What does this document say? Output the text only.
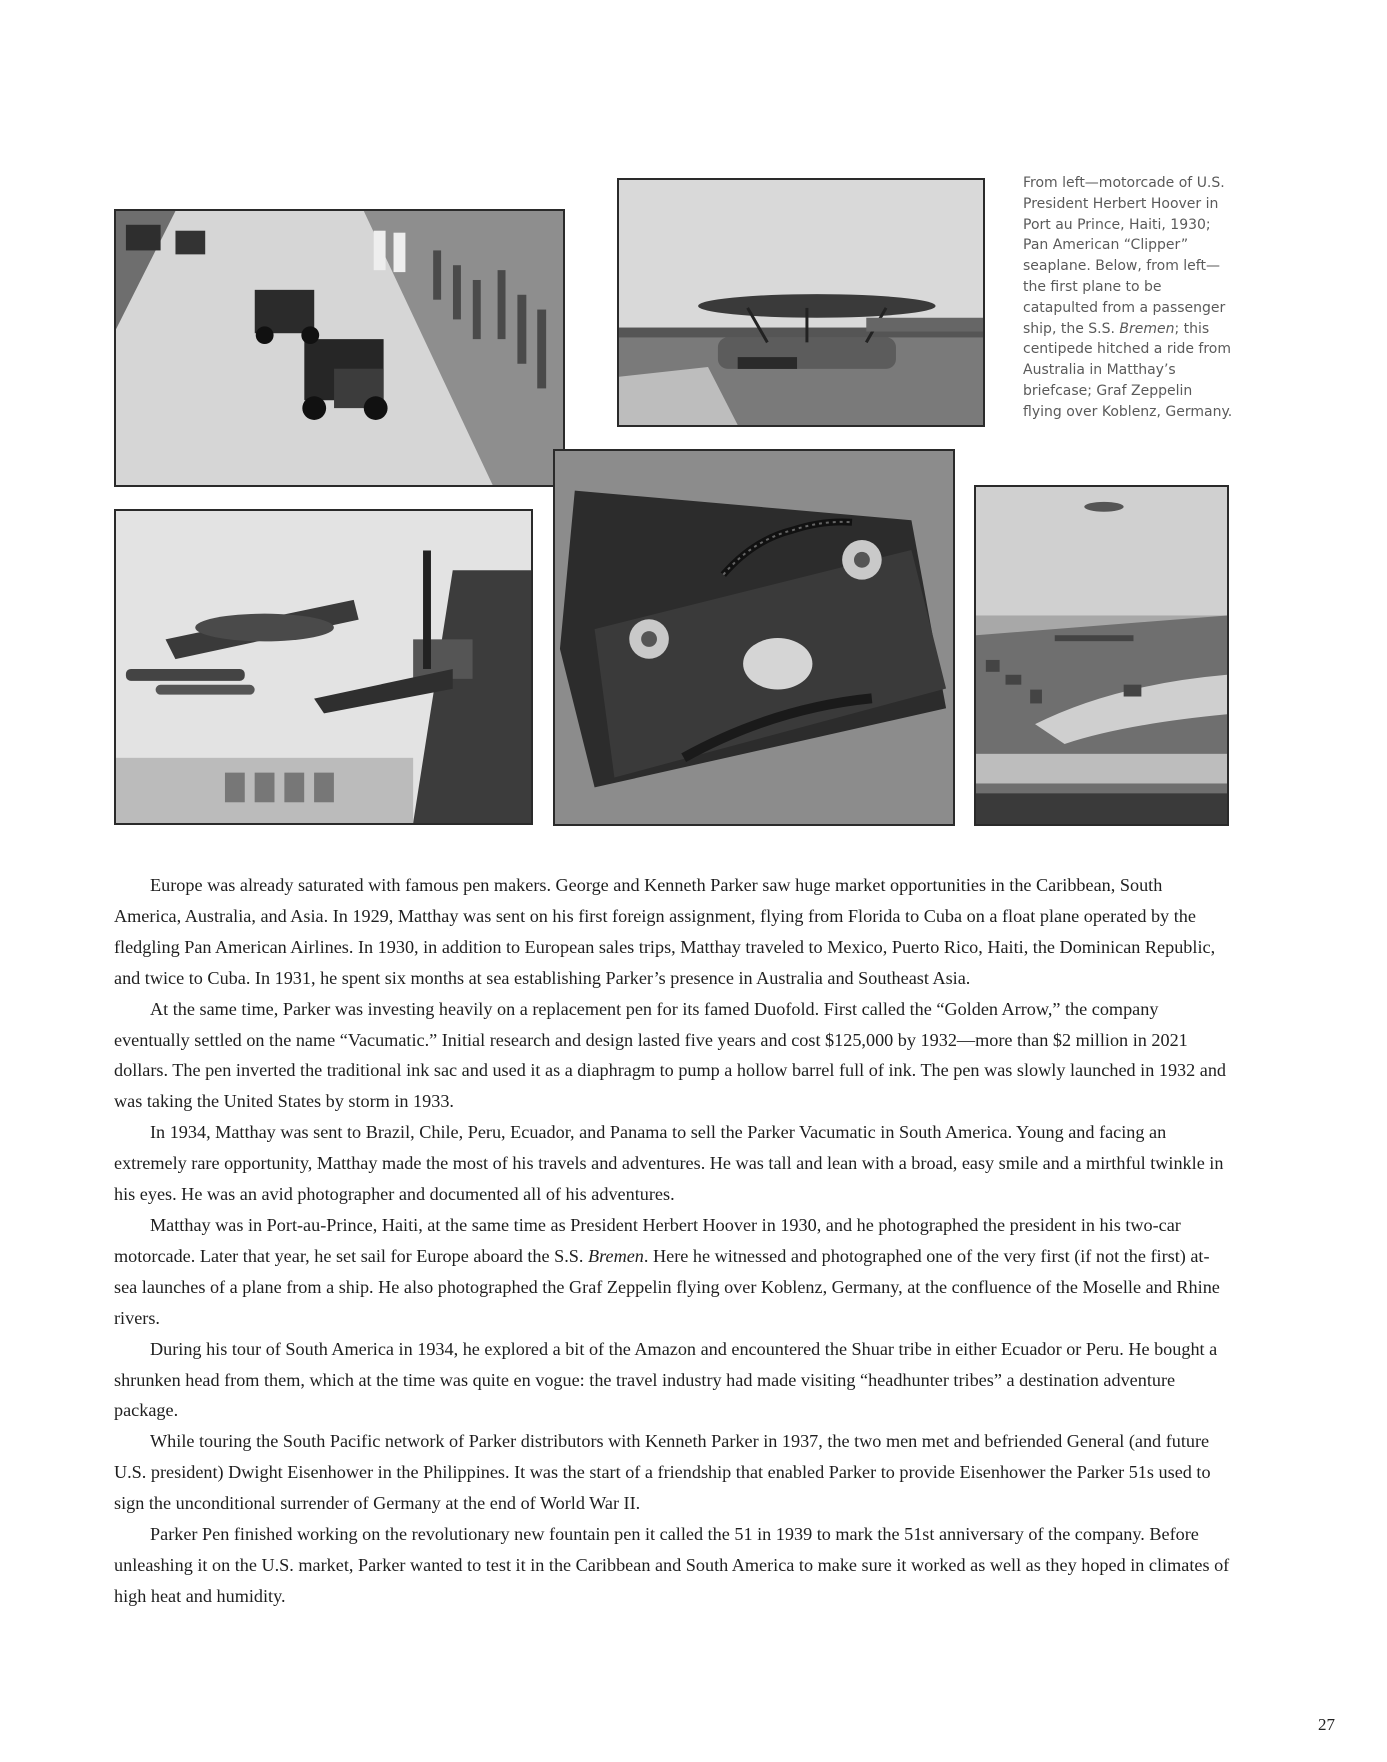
From left—motorcade of U.S. President Herbert Hoover in Port au Prince, Haiti, 1930; Pan American “Clipper” seaplane. Below, from left—the first plane to be catapulted from a passenger ship, the S.S. Bremen; this centipede hitched a ride from Australia in Matthay’s briefcase; Graf Zeppelin flying over Koblenz, Germany.

Europe was already saturated with famous pen makers. George and Kenneth Parker saw huge market opportunities in the Caribbean, South America, Australia, and Asia. In 1929, Matthay was sent on his first foreign assignment, flying from Florida to Cuba on a float plane operated by the fledgling Pan American Airlines. In 1930, in addition to European sales trips, Matthay traveled to Mexico, Puerto Rico, Haiti, the Dominican Republic, and twice to Cuba. In 1931, he spent six months at sea establishing Parker’s presence in Australia and Southeast Asia.

At the same time, Parker was investing heavily on a replacement pen for its famed Duofold. First called the “Golden Arrow,” the company eventually settled on the name “Vacumatic.” Initial research and design lasted five years and cost $125,000 by 1932—more than $2 million in 2021 dollars. The pen inverted the traditional ink sac and used it as a diaphragm to pump a hollow barrel full of ink. The pen was slowly launched in 1932 and was taking the United States by storm in 1933.

In 1934, Matthay was sent to Brazil, Chile, Peru, Ecuador, and Panama to sell the Parker Vacumatic in South America. Young and facing an extremely rare opportunity, Matthay made the most of his travels and adventures. He was tall and lean with a broad, easy smile and a mirthful twinkle in his eyes. He was an avid photographer and documented all of his adventures.

Matthay was in Port-au-Prince, Haiti, at the same time as President Herbert Hoover in 1930, and he photographed the president in his two-car motorcade. Later that year, he set sail for Europe aboard the S.S. Bremen. Here he witnessed and photographed one of the very first (if not the first) at-sea launches of a plane from a ship. He also photographed the Graf Zeppelin flying over Koblenz, Germany, at the confluence of the Moselle and Rhine rivers.

During his tour of South America in 1934, he explored a bit of the Amazon and encountered the Shuar tribe in either Ecuador or Peru. He bought a shrunken head from them, which at the time was quite en vogue: the travel industry had made visiting “headhunter tribes” a destination adventure package.

While touring the South Pacific network of Parker distributors with Kenneth Parker in 1937, the two men met and befriended General (and future U.S. president) Dwight Eisenhower in the Philippines. It was the start of a friendship that enabled Parker to provide Eisenhower the Parker 51s used to sign the unconditional surrender of Germany at the end of World War II.

Parker Pen finished working on the revolutionary new fountain pen it called the 51 in 1939 to mark the 51st anniversary of the company. Before unleashing it on the U.S. market, Parker wanted to test it in the Caribbean and South America to make sure it worked as well as they hoped in climates of high heat and humidity.

27
